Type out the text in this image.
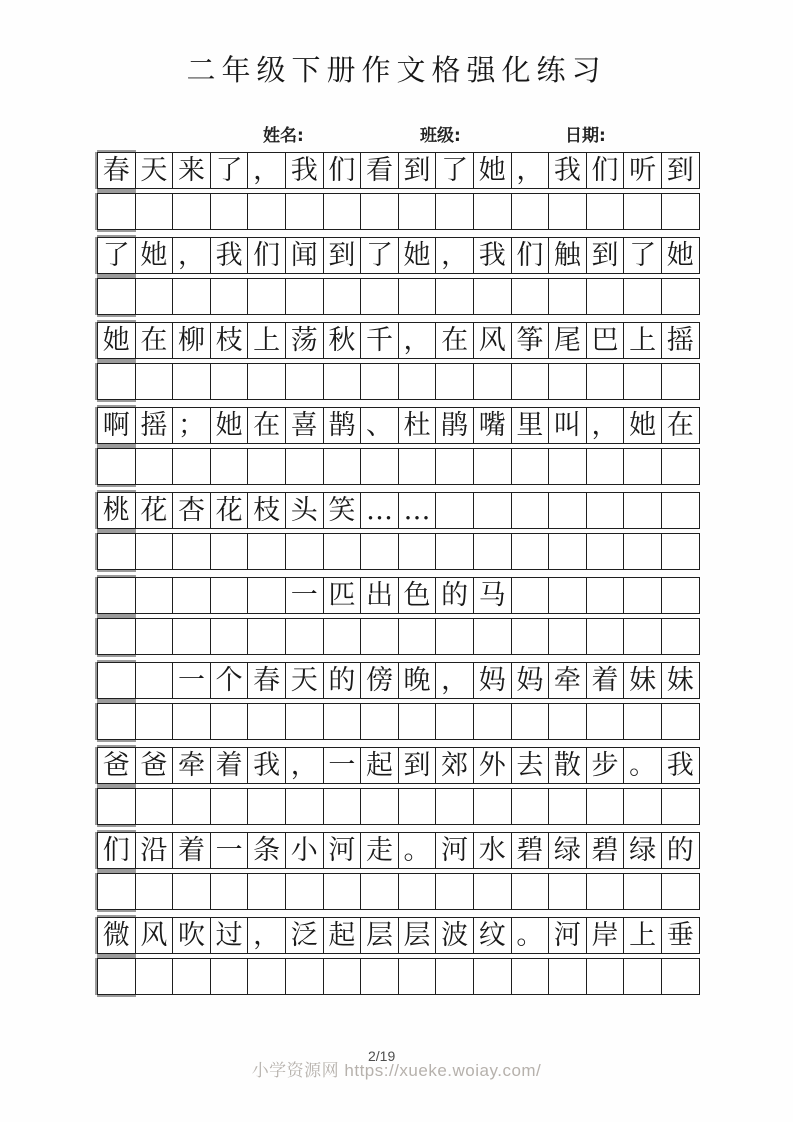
二年级下册作文格强化练习
姓名:	班级:	日期:
春 天 来 了 ， 我 们 看 到 了 她 ， 我 们 听 到
了 她 ， 我 们 闻 到 了 她 ， 我 们 触 到 了 她
她 在 柳 枝 上 荡 秋 千 ， 在 风 筝 尾 巴 上 摇
啊 摇 ； 她 在 喜 鹊 、 杜 鹃 嘴 里 叫 ， 她 在
桃 花 杏 花 枝 头 笑 … …
一 匹 出 色 的 马
一 个 春 天 的 傍 晚 ， 妈 妈 牵 着 妹 妹
爸 爸 牵 着 我 ， 一 起 到 郊 外 去 散 步 。 我
们 沿 着 一 条 小 河 走 。 河 水 碧 绿 碧 绿 的
微 风 吹 过 ， 泛 起 层 层 波 纹 。 河 岸 上 垂
小学资源网 https://xueke.woiay.com/
2/19
